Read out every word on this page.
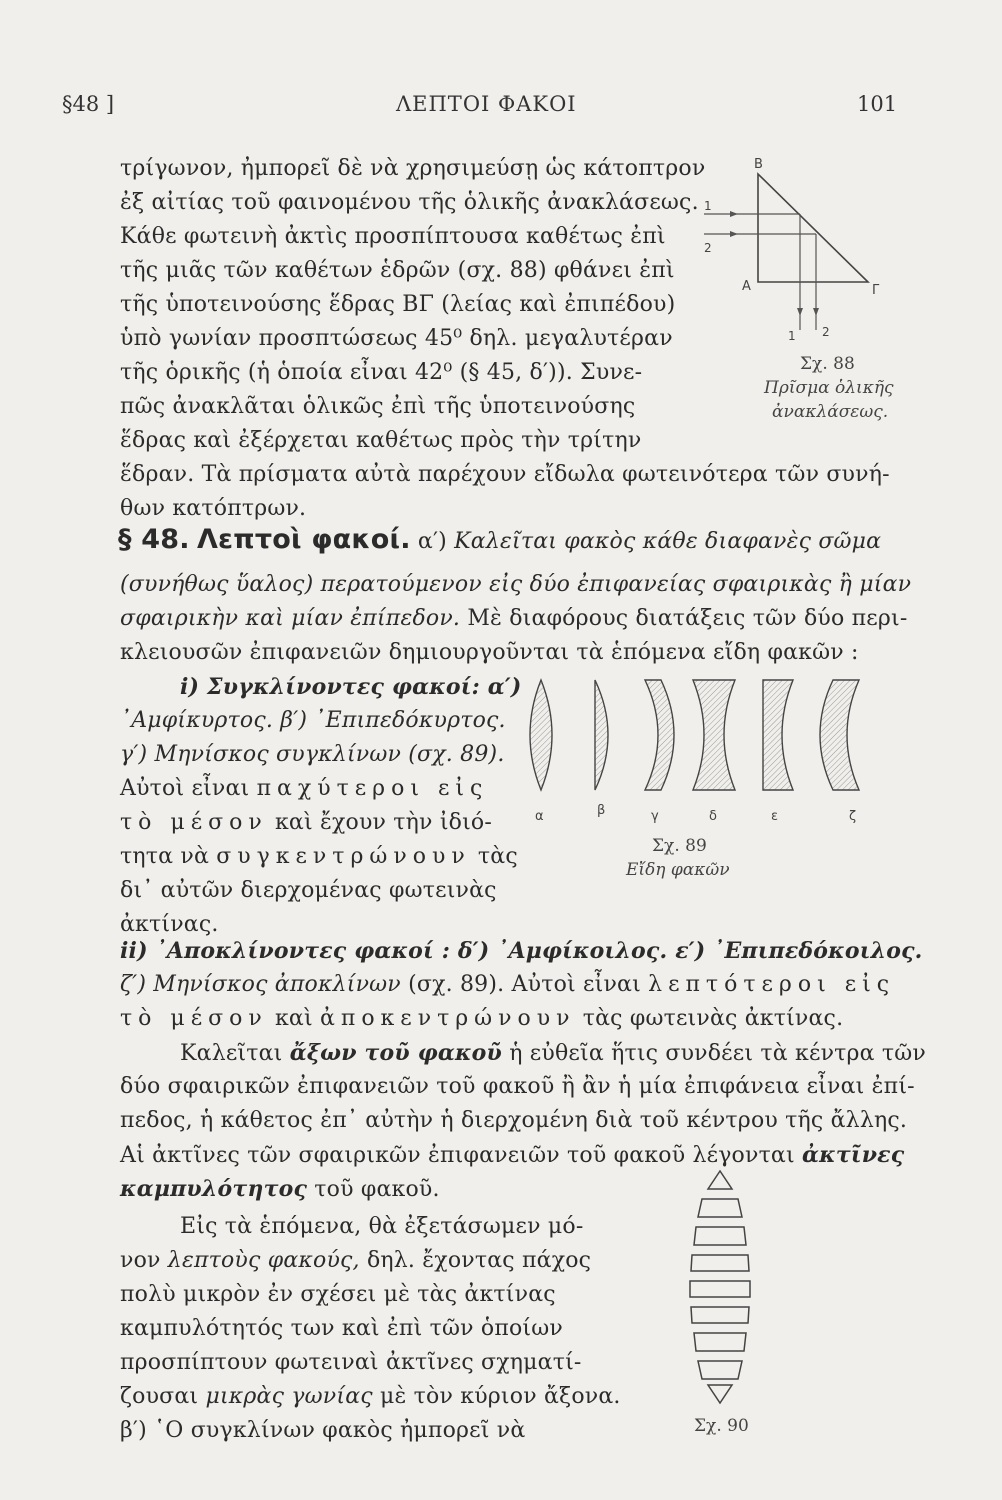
§48 ]	ΛΕΠΤΟΙ ΦΑΚΟΙ	101
τρίγωνον, ἠμπορεῖ δὲ νὰ χρησιμεύσῃ ὡς κάτοπτρον
ἐξ αἰτίας τοῦ φαινομένου τῆς ὁλικῆς ἀνακλάσεως.
Κάθε φωτεινὴ ἀκτὶς προσπίπτουσα καθέτως ἐπὶ
τῆς μιᾶς τῶν καθέτων ἑδρῶν (σχ. 88) φθάνει ἐπὶ
τῆς ὑποτεινούσης ἕδρας ΒΓ (λείας καὶ ἐπιπέδου)
ὑπὸ γωνίαν προσπτώσεως 45⁰ δηλ. μεγαλυτέραν
τῆς ὁρικῆς (ἡ ὁποία εἶναι 42⁰ (§ 45, δ′)). Συνε-
πῶς ἀνακλᾶται ὁλικῶς ἐπὶ τῆς ὑποτεινούσης
ἕδρας καὶ ἐξέρχεται καθέτως πρὸς τὴν τρίτην
ἕδραν. Τὰ πρίσματα αὐτὰ παρέχουν εἴδωλα φωτεινότερα τῶν συνή-
θων κατόπτρων.
Β
Α	Γ
1
2
1 2
Σχ. 88
Πρῖσμα ὁλικῆς
ἀνακλάσεως.
§ 48. Λεπτοὶ φακοί. α′) Καλεῖται φακὸς κάθε διαφανὲς σῶμα
(συνήθως ὕαλος) περατούμενον εἰς δύο ἐπιφανείας σφαιρικὰς ἢ μίαν
σφαιρικὴν καὶ μίαν ἐπίπεδον. Μὲ διαφόρους διατάξεις τῶν δύο περι-
κλειουσῶν ἐπιφανειῶν δημιουργοῦνται τὰ ἑπόμενα εἴδη φακῶν :
i) Συγκλίνοντες φακοί: α′)
᾿Αμφίκυρτος. β′) ᾿Επιπεδόκυρτος.
γ′) Μηνίσκος συγκλίνων (σχ. 89).
Αὐτοὶ εἶναι παχύτεροι εἰς
τὸ μέσον καὶ ἔχουν τὴν ἰδιό-
τητα νὰ συγκεντρώνουν τὰς
δι᾿ αὐτῶν διερχομένας φωτεινὰς
ἀκτίνας.
α	β	γ	δ	ε	ζ
Σχ. 89
Εἴδη φακῶν
ii) ᾿Αποκλίνοντες φακοί : δ′) ᾿Αμφίκοιλος. ε′) ᾿Επιπεδόκοιλος.
ζ′) Μηνίσκος ἀποκλίνων (σχ. 89). Αὐτοὶ εἶναι λεπτότεροι εἰς
τὸ μέσον καὶ ἀποκεντρώνουν τὰς φωτεινὰς ἀκτίνας.
Καλεῖται ἄξων τοῦ φακοῦ ἡ εὐθεῖα ἥτις συνδέει τὰ κέντρα τῶν
δύο σφαιρικῶν ἐπιφανειῶν τοῦ φακοῦ ἢ ἂν ἡ μία ἐπιφάνεια εἶναι ἐπί-
πεδος, ἡ κάθετος ἐπ᾿ αὐτὴν ἡ διερχομένη διὰ τοῦ κέντρου τῆς ἄλλης.
Αἱ ἀκτῖνες τῶν σφαιρικῶν ἐπιφανειῶν τοῦ φακοῦ λέγονται ἀκτῖνες
καμπυλότητος τοῦ φακοῦ.
Εἰς τὰ ἑπόμενα, θὰ ἐξετάσωμεν μό-
νον λεπτοὺς φακούς, δηλ. ἔχοντας πάχος
πολὺ μικρὸν ἐν σχέσει μὲ τὰς ἀκτίνας
καμπυλότητός των καὶ ἐπὶ τῶν ὁποίων
προσπίπτουν φωτειναὶ ἀκτῖνες σχηματί-
ζουσαι μικρὰς γωνίας μὲ τὸν κύριον ἄξονα.
β′) ῾Ο συγκλίνων φακὸς ἠμπορεῖ νὰ	Σχ. 90
